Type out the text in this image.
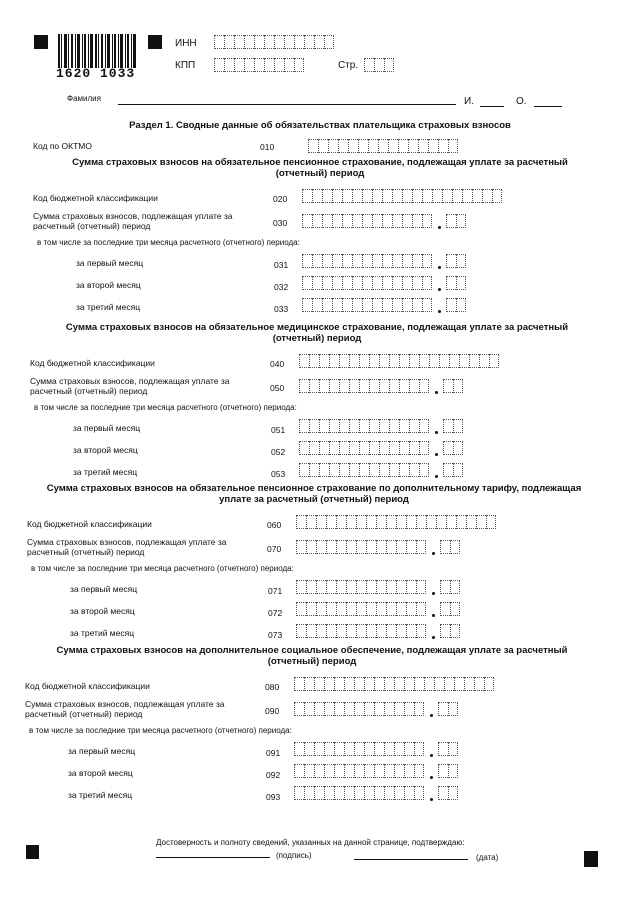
1620 1033
ИНН
КПП	Стр.
Фамилия	И.	О.
Раздел 1. Сводные данные об обязательствах плательщика страховых взносов
Код по ОКТМО	010
Сумма страховых взносов на обязательное пенсионное страхование, подлежащая уплате за расчетный
(отчетный) период
Код бюджетной классификации	020
Сумма страховых взносов, подлежащая уплате за
расчетный (отчетный) период	030
в том числе за последние три месяца расчетного (отчетного) периода:
за первый месяц	031
за второй месяц	032
за третий месяц	033
Сумма страховых взносов на обязательное медицинское страхование, подлежащая уплате за расчетный
(отчетный) период
Код бюджетной классификации	040
Сумма страховых взносов, подлежащая уплате за
расчетный (отчетный) период	050
в том числе за последние три месяца расчетного (отчетного) периода:
за первый месяц	051
за второй месяц	052
за третий месяц	053
Сумма страховых взносов на обязательное пенсионное страхование по дополнительному тарифу, подлежащая
уплате за расчетный (отчетный) период
Код бюджетной классификации	060
Сумма страховых взносов, подлежащая уплате за
расчетный (отчетный) период	070
в том числе за последние три месяца расчетного (отчетного) периода:
за первый месяц	071
за второй месяц	072
за третий месяц	073
Сумма страховых взносов на дополнительное социальное обеспечение, подлежащая уплате за расчетный
(отчетный) период
Код бюджетной классификации	080
Сумма страховых взносов, подлежащая уплате за
расчетный (отчетный) период	090
в том числе за последние три месяца расчетного (отчетного) периода:
за первый месяц	091
за второй месяц	092
за третий месяц	093
Достоверность и полноту сведений, указанных на данной странице, подтверждаю:
(подпись)	(дата)
